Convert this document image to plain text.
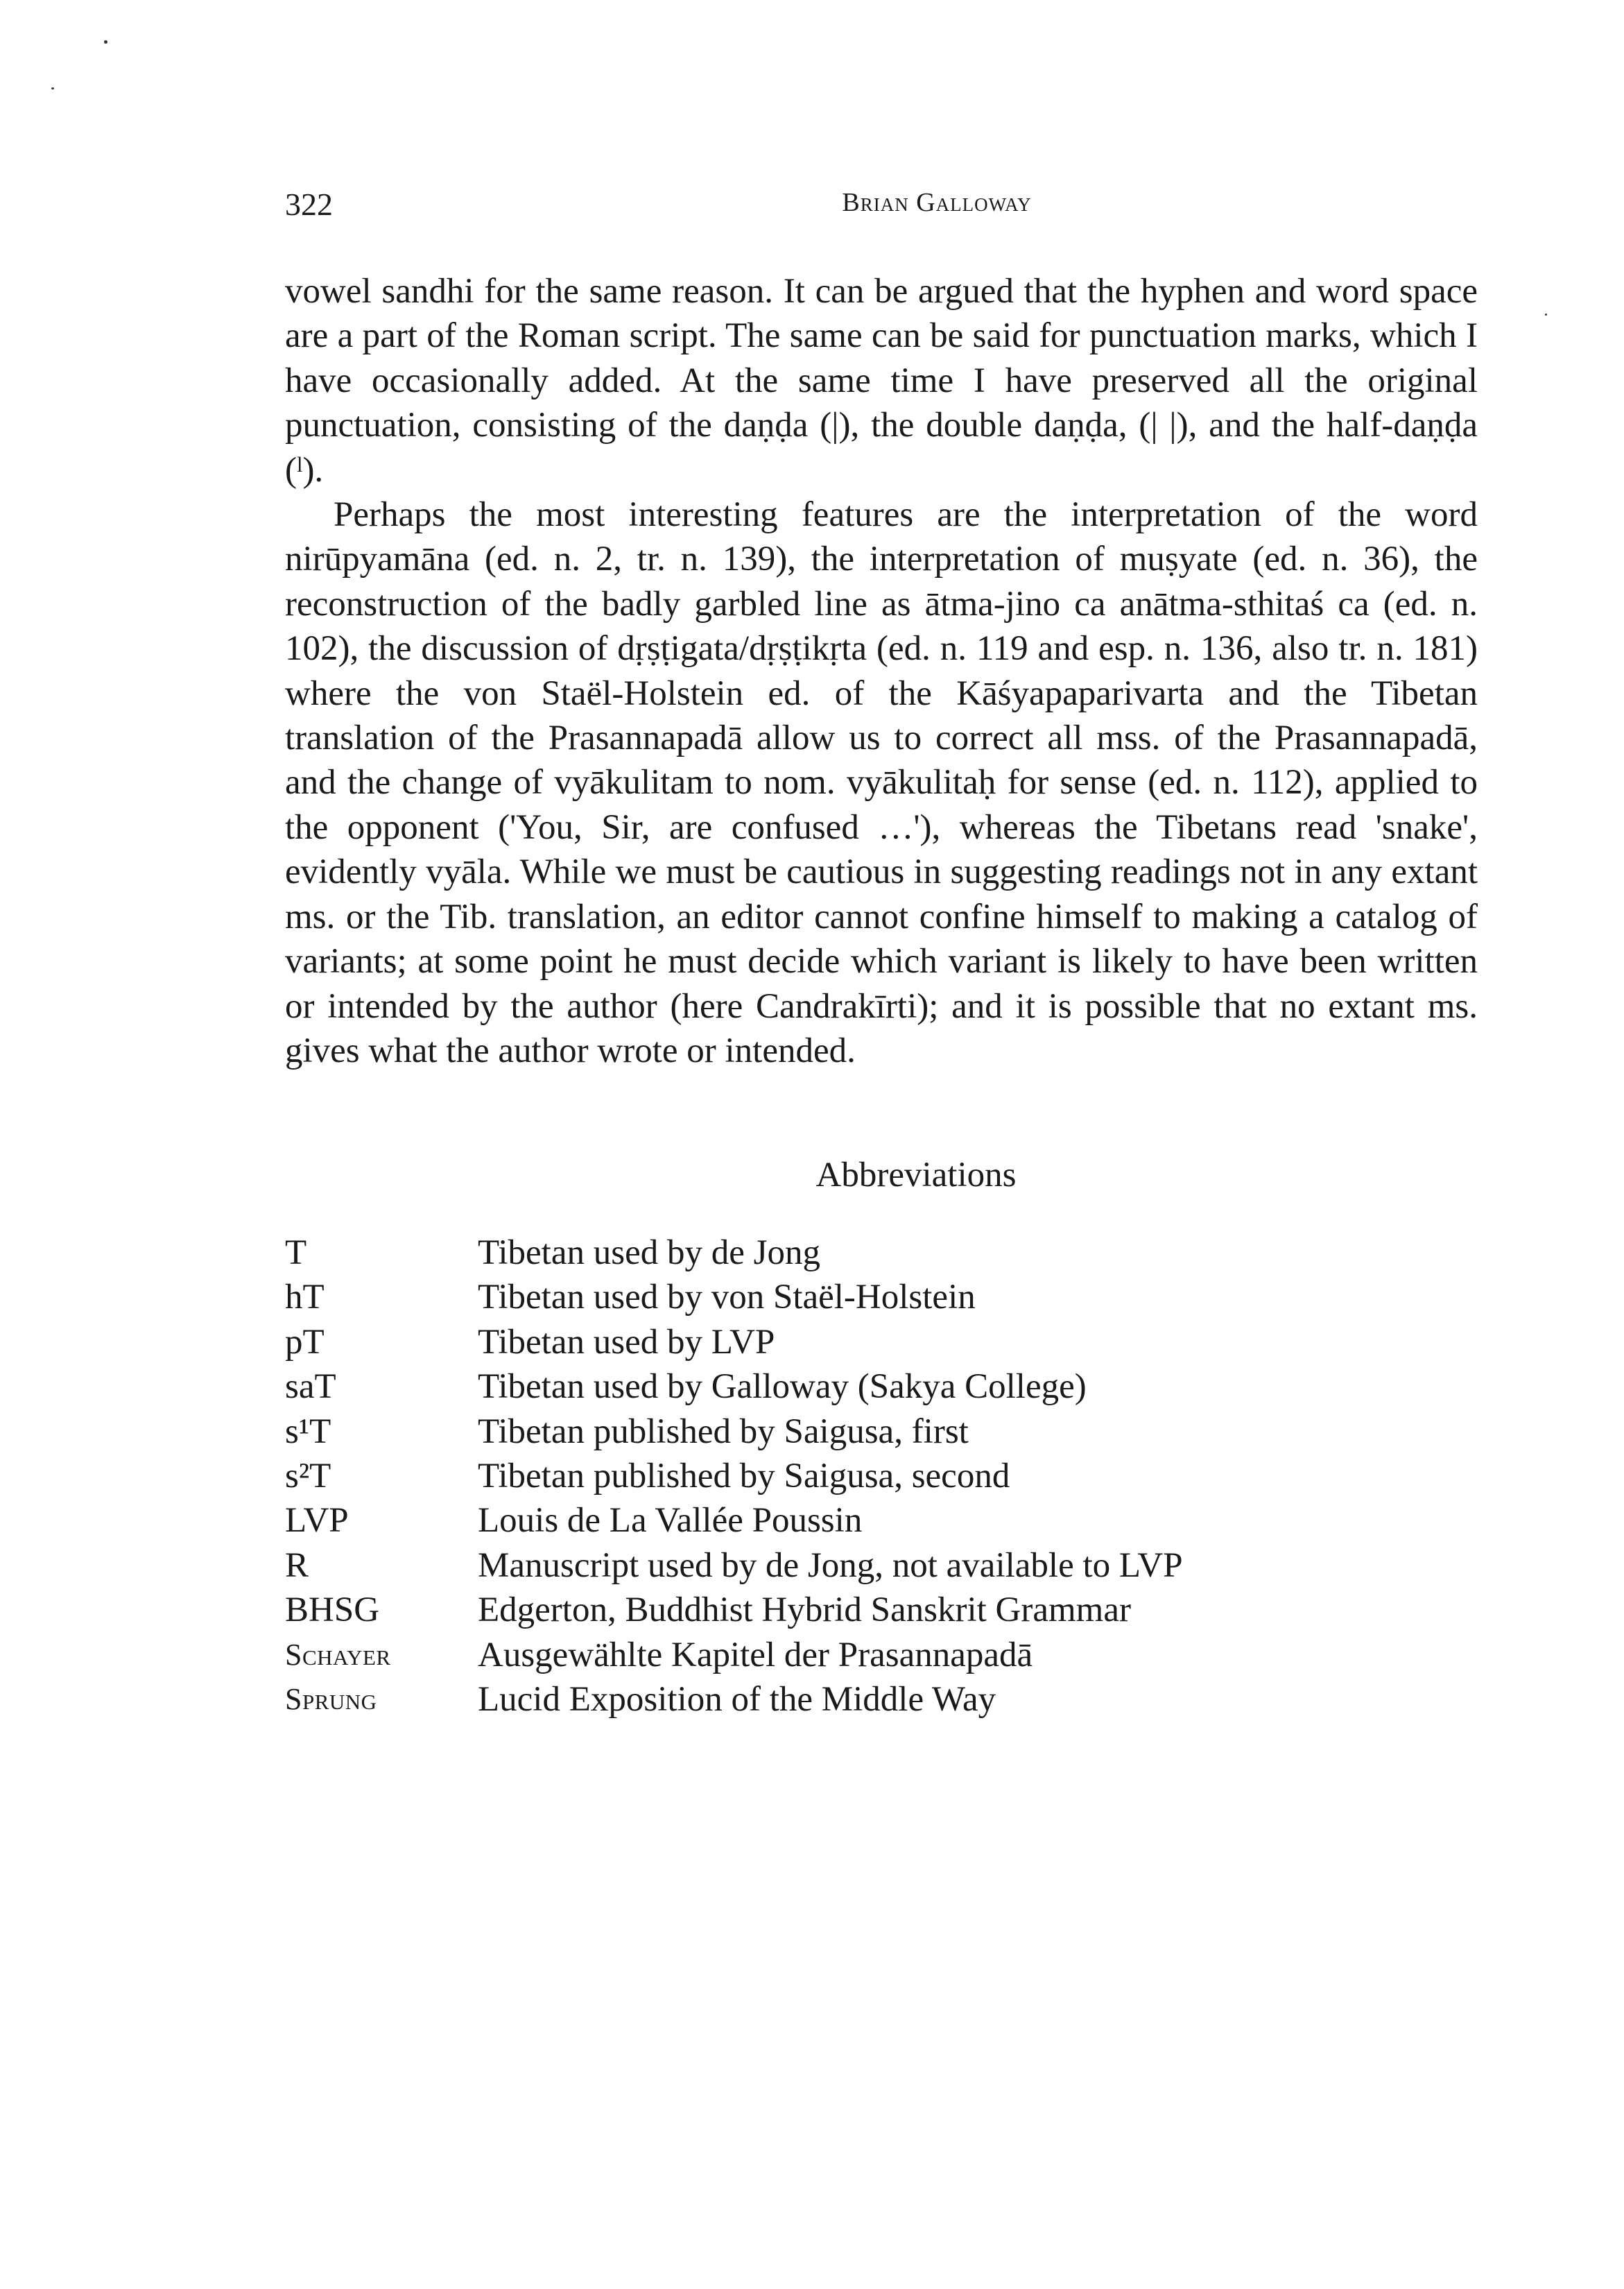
322	Brian Galloway

vowel sandhi for the same reason. It can be argued that the hyphen and word space are a part of the Roman script. The same can be said for punctuation marks, which I have occasionally added. At the same time I have preserved all the original punctuation, consisting of the daṇḍa (|), the double daṇḍa, (| |), and the half-daṇḍa (ˡ).

Perhaps the most interesting features are the interpretation of the word nirūpyamāna (ed. n. 2, tr. n. 139), the interpretation of muṣyate (ed. n. 36), the reconstruction of the badly garbled line as ātma-jino ca anātma-sthitaś ca (ed. n. 102), the discussion of dṛṣṭigata/dṛṣṭikṛta (ed. n. 119 and esp. n. 136, also tr. n. 181) where the von Staël-Holstein ed. of the Kāśyapaparivarta and the Tibetan translation of the Prasannapadā allow us to correct all mss. of the Prasannapadā, and the change of vyākulitam to nom. vyākulitaḥ for sense (ed. n. 112), applied to the opponent ('You, Sir, are confused …'), whereas the Tibetans read 'snake', evidently vyāla. While we must be cautious in suggesting readings not in any extant ms. or the Tib. translation, an editor cannot confine himself to making a catalog of variants; at some point he must decide which variant is likely to have been written or intended by the author (here Candrakīrti); and it is possible that no extant ms. gives what the author wrote or intended.

Abbreviations
T	Tibetan used by de Jong
hT	Tibetan used by von Staël-Holstein
pT	Tibetan used by LVP
saT	Tibetan used by Galloway (Sakya College)
s¹T	Tibetan published by Saigusa, first
s²T	Tibetan published by Saigusa, second
LVP	Louis de La Vallée Poussin
R	Manuscript used by de Jong, not available to LVP
BHSG	Edgerton, Buddhist Hybrid Sanskrit Grammar
Schayer	Ausgewählte Kapitel der Prasannapadā
Sprung	Lucid Exposition of the Middle Way
